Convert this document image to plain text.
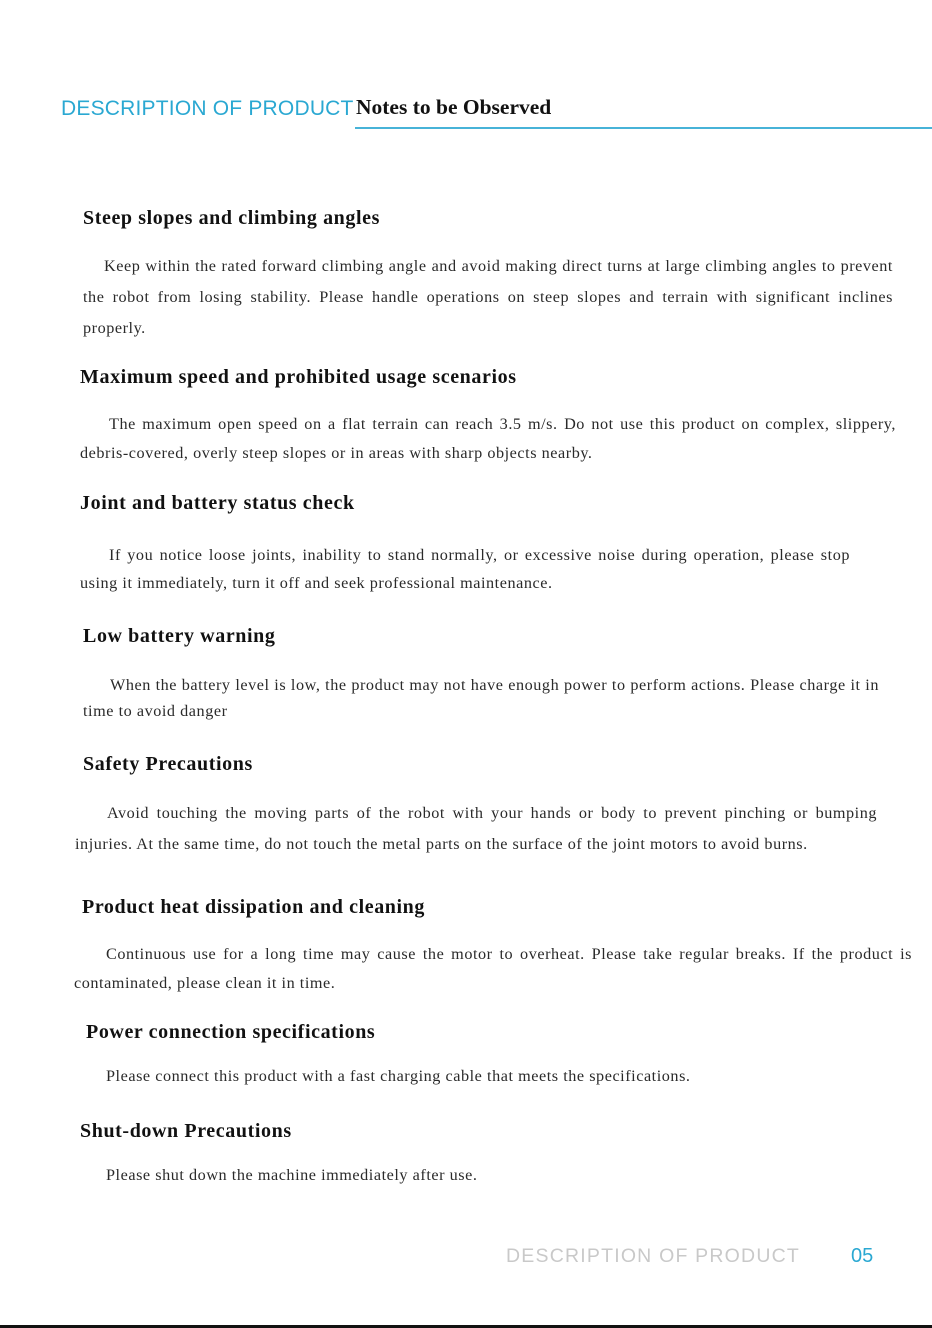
DESCRIPTION OF PRODUCT Notes to be Observed
Steep slopes and climbing angles

Keep within the rated forward climbing angle and avoid making direct turns at large climbing angles to prevent the robot from losing stability. Please handle operations on steep slopes and terrain with significant inclines properly.

Maximum speed and prohibited usage scenarios

The maximum open speed on a flat terrain can reach 3.5 m/s. Do not use this product on complex, slippery, debris-covered, overly steep slopes or in areas with sharp objects nearby.

Joint and battery status check

If you notice loose joints, inability to stand normally, or excessive noise during operation, please stop using it immediately, turn it off and seek professional maintenance.

Low battery warning

When the battery level is low, the product may not have enough power to perform actions. Please charge it in time to avoid danger

Safety Precautions

Avoid touching the moving parts of the robot with your hands or body to prevent pinching or bumping injuries. At the same time, do not touch the metal parts on the surface of the joint motors to avoid burns.

Product heat dissipation and cleaning

Continuous use for a long time may cause the motor to overheat. Please take regular breaks. If the product is contaminated, please clean it in time.

Power connection specifications

Please connect this product with a fast charging cable that meets the specifications.

Shut-down Precautions

Please shut down the machine immediately after use.

DESCRIPTION OF PRODUCT	05
